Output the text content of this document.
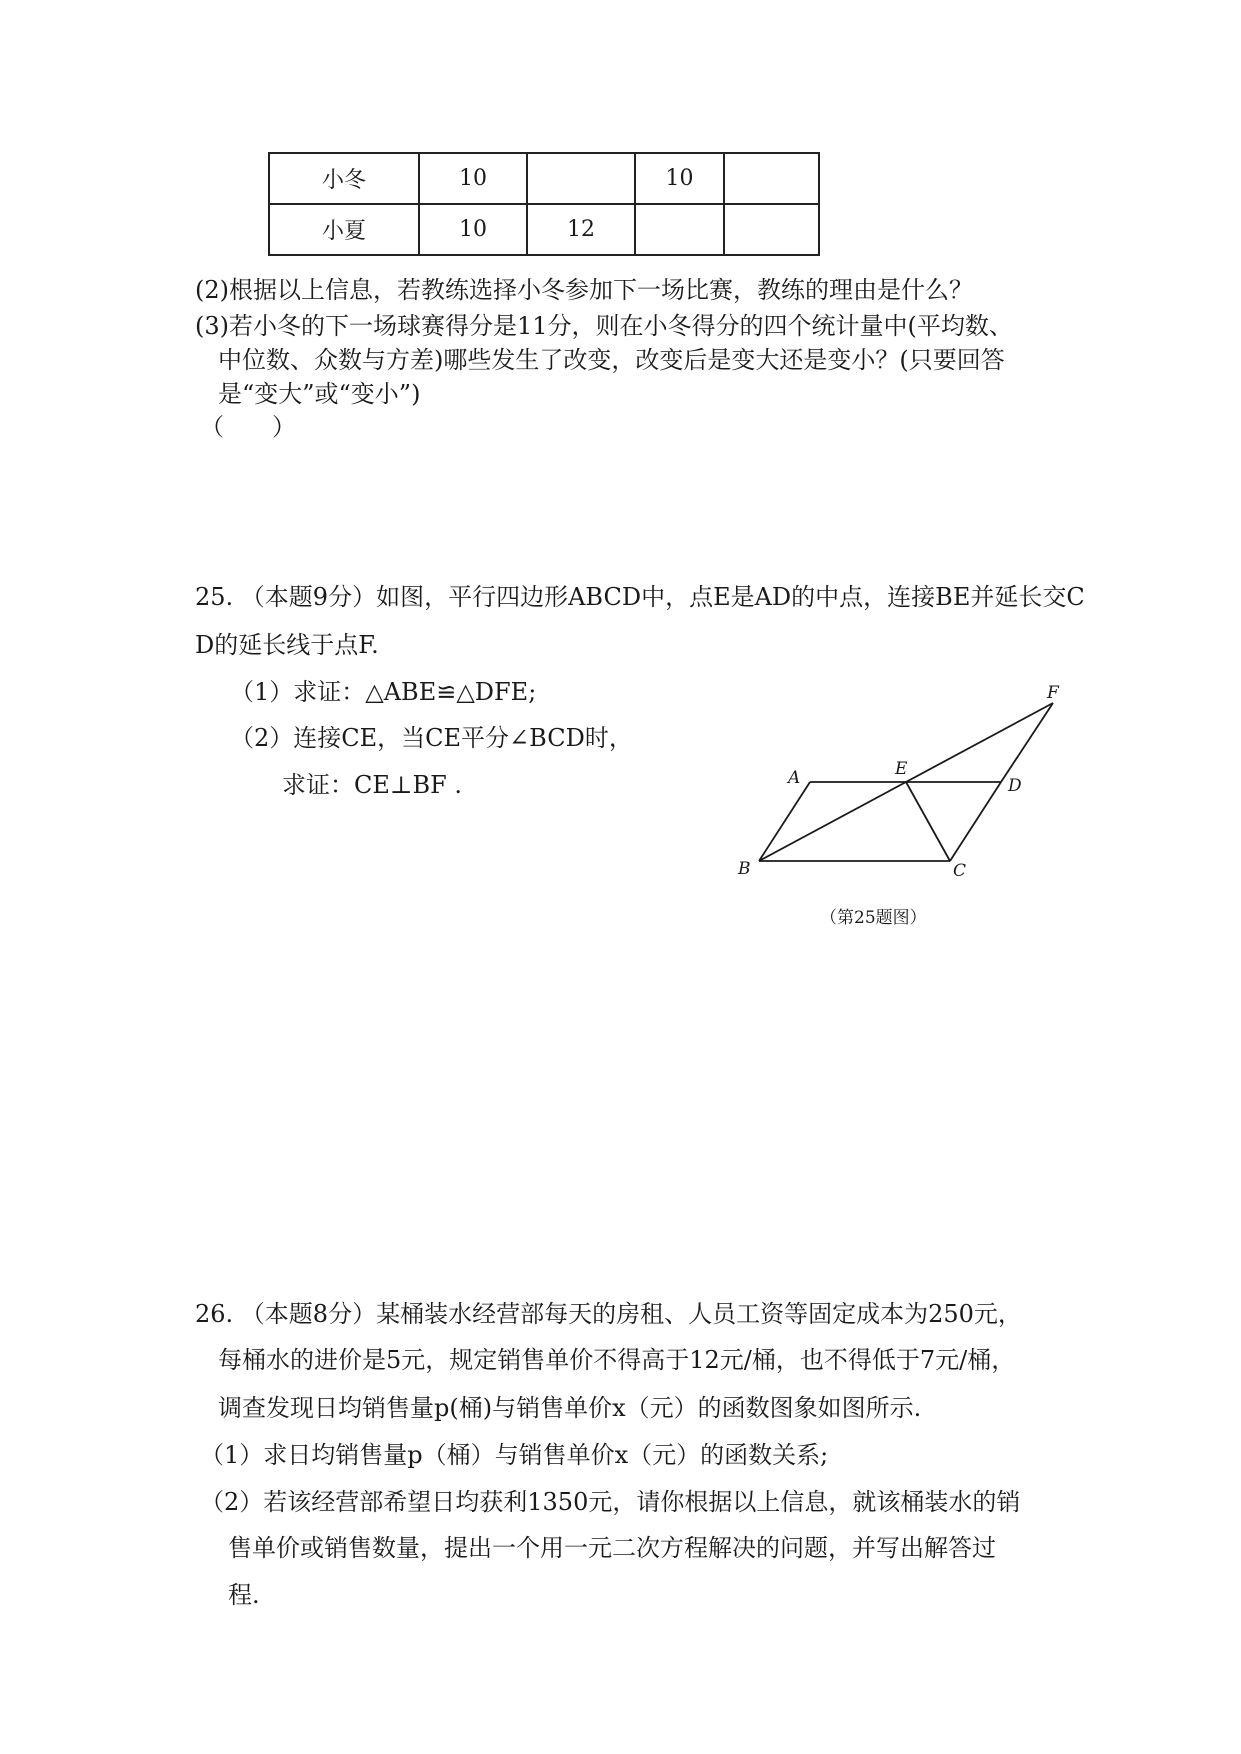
小冬	10		10	
小夏	10	12		
(2)根据以上信息，若教练选择小冬参加下一场比赛，教练的理由是什么？
(3)若小冬的下一场球赛得分是11分，则在小冬得分的四个统计量中(平均数、
中位数、众数与方差)哪些发生了改变，改变后是变大还是变小？(只要回答
是“变大”或“变小”)
（　　）
25. （本题9分）如图，平行四边形ABCD中，点E是AD的中点，连接BE并延长交C
D的延长线于点F.
（1）求证：△ABE≌△DFE;
（2）连接CE，当CE平分∠BCD时，
求证：CE⊥BF .	A
B	C
D
E
F
（第25题图）
26. （本题8分）某桶装水经营部每天的房租、人员工资等固定成本为250元，
每桶水的进价是5元，规定销售单价不得高于12元/桶，也不得低于7元/桶，
调查发现日均销售量p(桶)与销售单价x（元）的函数图象如图所示.
（1）求日均销售量p（桶）与销售单价x（元）的函数关系;
（2）若该经营部希望日均获利1350元，请你根据以上信息，就该桶装水的销
售单价或销售数量，提出一个用一元二次方程解决的问题，并写出解答过
程.
